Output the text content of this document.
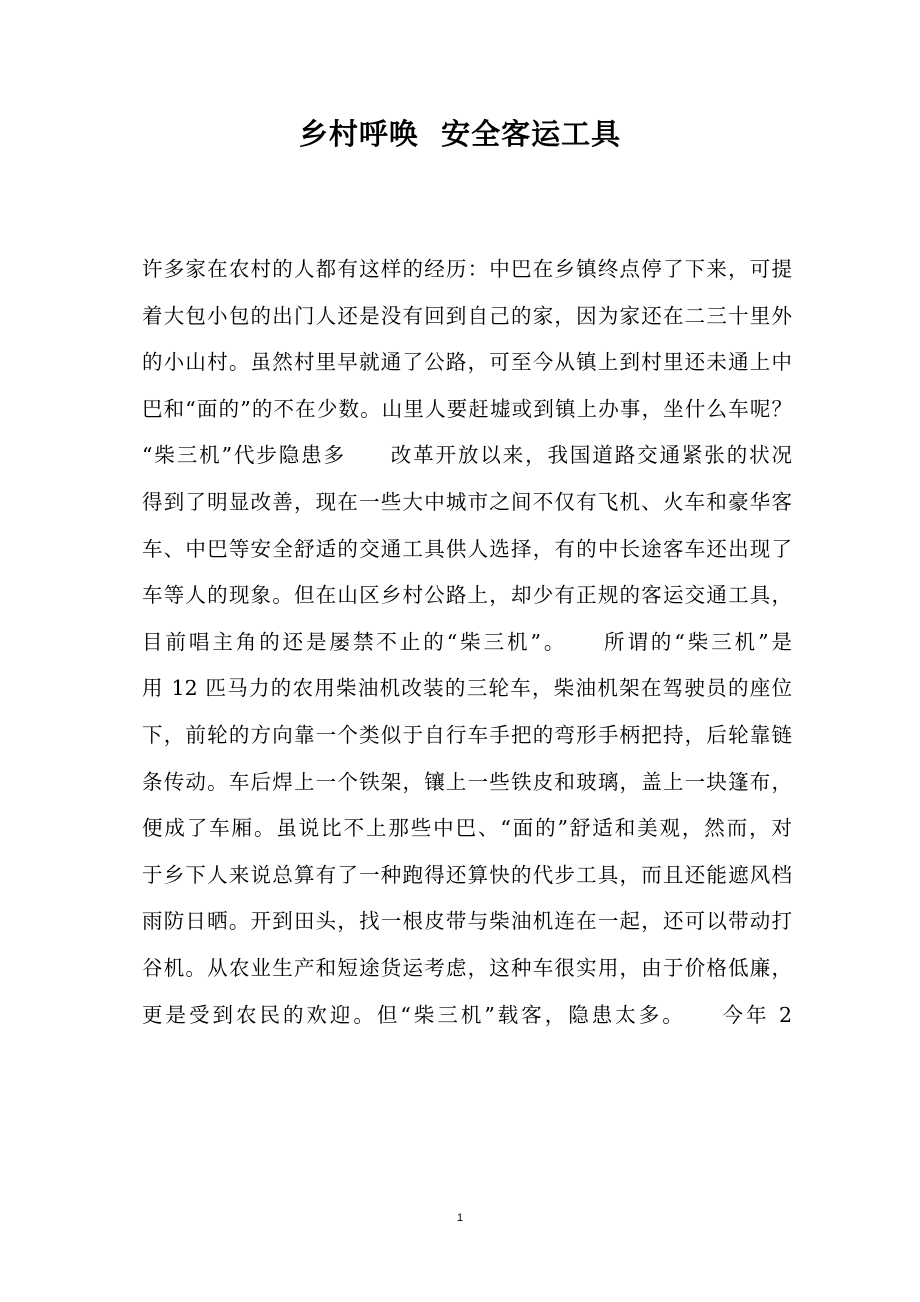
乡村呼唤  安全客运工具
许多家在农村的人都有这样的经历：中巴在乡镇终点停了下来，可提
着大包小包的出门人还是没有回到自己的家，因为家还在二三十里外
的小山村。虽然村里早就通了公路，可至今从镇上到村里还未通上中
巴和“面的”的不在少数。山里人要赶墟或到镇上办事，坐什么车呢？
“柴三机”代步隐患多　　改革开放以来，我国道路交通紧张的状况
得到了明显改善，现在一些大中城市之间不仅有飞机、火车和豪华客
车、中巴等安全舒适的交通工具供人选择，有的中长途客车还出现了
车等人的现象。但在山区乡村公路上，却少有正规的客运交通工具，
目前唱主角的还是屡禁不止的“柴三机”。　　所谓的“柴三机”是
用 12 匹马力的农用柴油机改装的三轮车，柴油机架在驾驶员的座位
下，前轮的方向靠一个类似于自行车手把的弯形手柄把持，后轮靠链
条传动。车后焊上一个铁架，镶上一些铁皮和玻璃，盖上一块篷布，
便成了车厢。虽说比不上那些中巴、“面的”舒适和美观，然而，对
于乡下人来说总算有了一种跑得还算快的代步工具，而且还能遮风档
雨防日晒。开到田头，找一根皮带与柴油机连在一起，还可以带动打
谷机。从农业生产和短途货运考虑，这种车很实用，由于价格低廉，
更是受到农民的欢迎。但“柴三机”载客，隐患太多。　　今年 2
1
